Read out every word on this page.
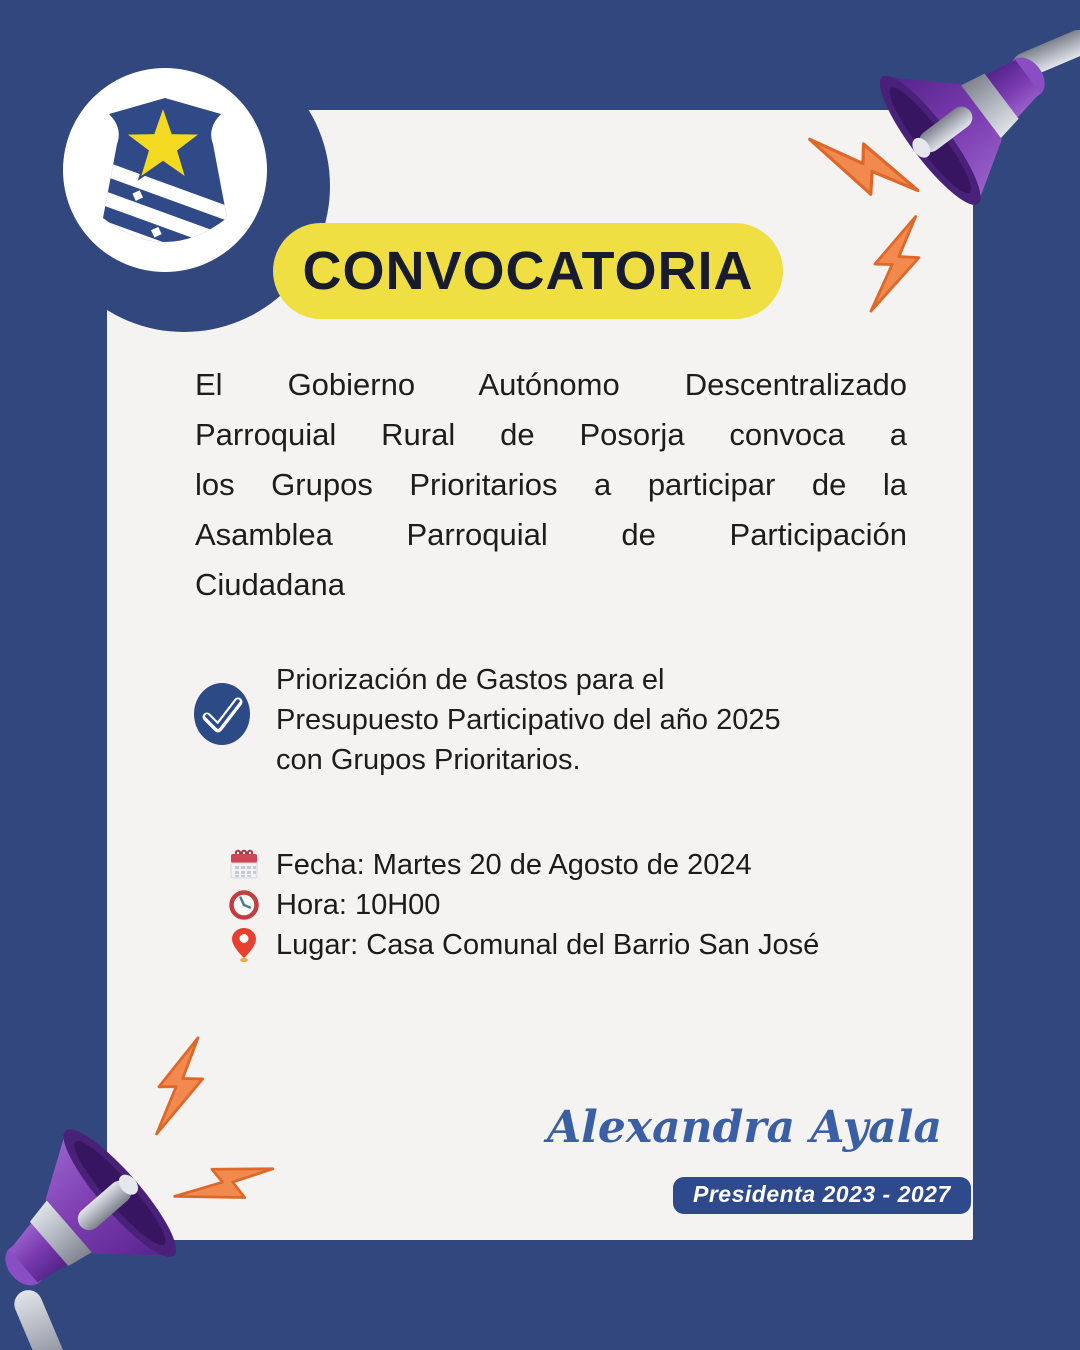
CONVOCATORIA
El Gobierno Autónomo Descentralizado
Parroquial Rural de Posorja convoca a
los Grupos Prioritarios a participar de la
Asamblea Parroquial de Participación
Ciudadana
Priorización de Gastos para el
Presupuesto Participativo del año 2025
con Grupos Prioritarios.
Fecha: Martes 20 de Agosto de 2024
Hora: 10H00
Lugar: Casa Comunal del Barrio San José
Alexandra Ayala
Presidenta 2023 - 2027
